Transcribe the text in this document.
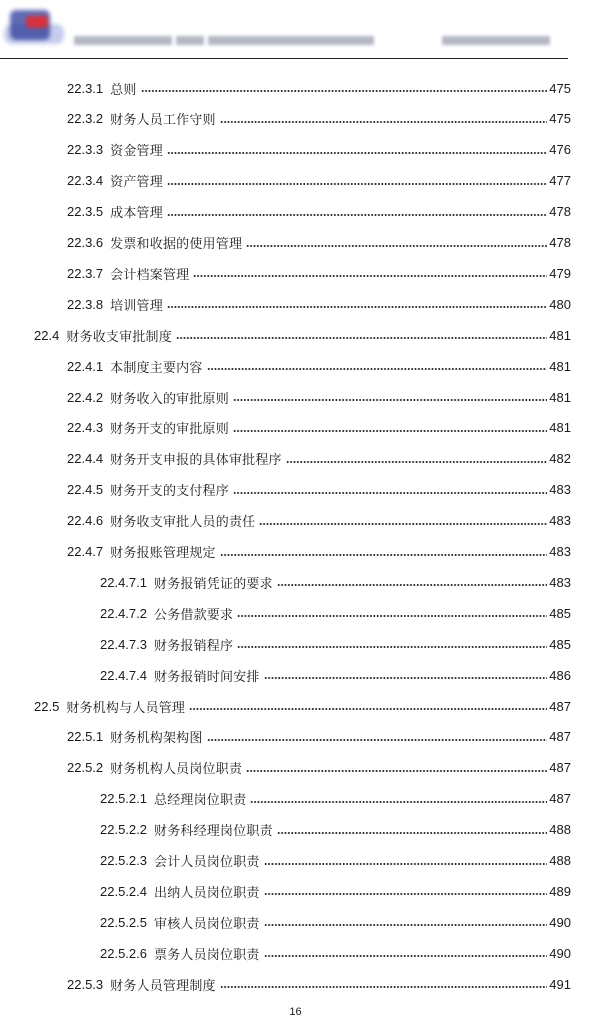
22.3.1 总则	475
22.3.2 财务人员工作守则	475
22.3.3 资金管理	476
22.3.4 资产管理	477
22.3.5 成本管理	478
22.3.6 发票和收据的使用管理	478
22.3.7 会计档案管理	479
22.3.8 培训管理	480
22.4 财务收支审批制度	481
22.4.1 本制度主要内容	481
22.4.2 财务收入的审批原则	481
22.4.3 财务开支的审批原则	481
22.4.4 财务开支申报的具体审批程序	482
22.4.5 财务开支的支付程序	483
22.4.6 财务收支审批人员的责任	483
22.4.7 财务报账管理规定	483
22.4.7.1 财务报销凭证的要求	483
22.4.7.2 公务借款要求	485
22.4.7.3 财务报销程序	485
22.4.7.4 财务报销时间安排	486
22.5 财务机构与人员管理	487
22.5.1 财务机构架构图	487
22.5.2 财务机构人员岗位职责	487
22.5.2.1 总经理岗位职责	487
22.5.2.2 财务科经理岗位职责	488
22.5.2.3 会计人员岗位职责	488
22.5.2.4 出纳人员岗位职责	489
22.5.2.5 审核人员岗位职责	490
22.5.2.6 票务人员岗位职责	490
22.5.3 财务人员管理制度	491
16
